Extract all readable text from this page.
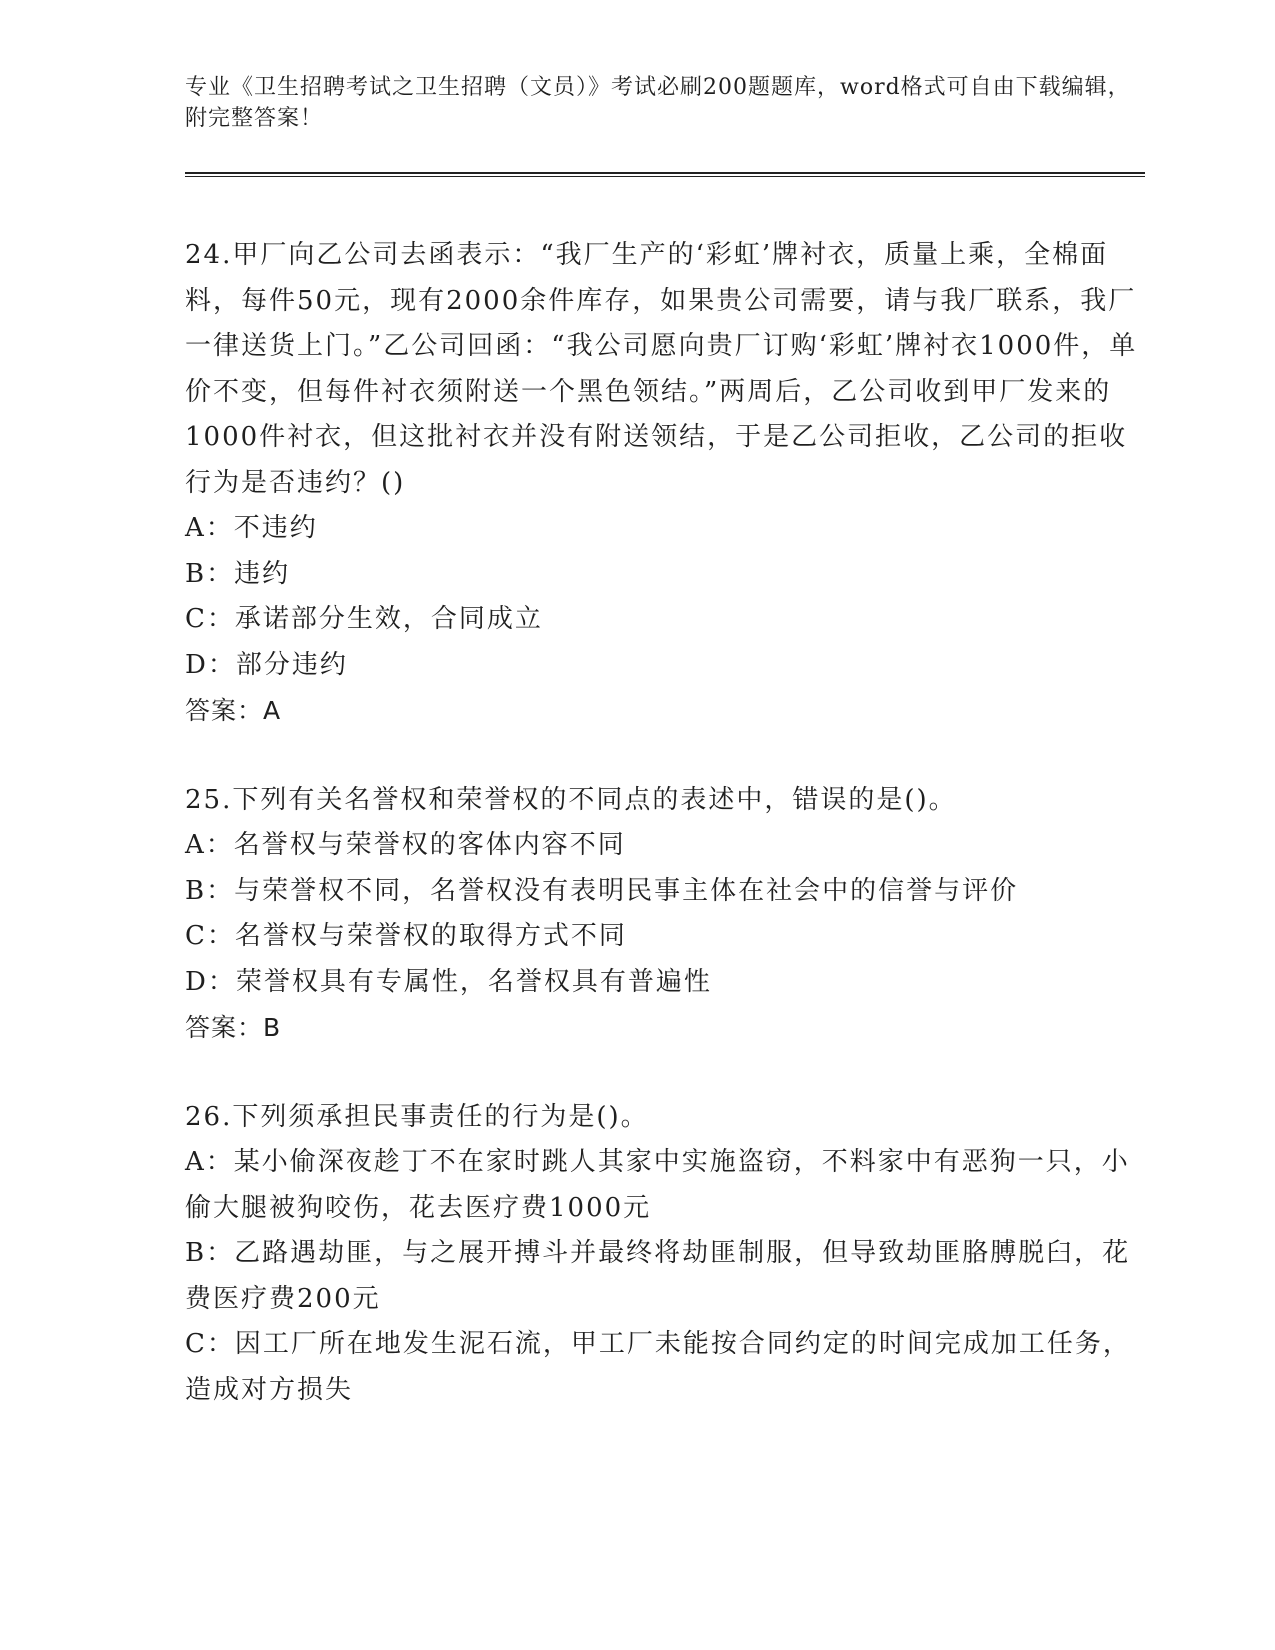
专业《卫生招聘考试之卫生招聘（文员）》考试必刷200题题库，word格式可自由下载编辑，附完整答案！

24.甲厂向乙公司去函表示：“我厂生产的‘彩虹’牌衬衣，质量上乘，全棉面料，每件50元，现有2000余件库存，如果贵公司需要，请与我厂联系，我厂一律送货上门。”乙公司回函：“我公司愿向贵厂订购‘彩虹’牌衬衣1000件，单价不变，但每件衬衣须附送一个黑色领结。”两周后，乙公司收到甲厂发来的1000件衬衣，但这批衬衣并没有附送领结，于是乙公司拒收，乙公司的拒收行为是否违约？()

A：不违约

B：违约

C：承诺部分生效，合同成立

D：部分违约

答案：A

25.下列有关名誉权和荣誉权的不同点的表述中，错误的是()。

A：名誉权与荣誉权的客体内容不同

B：与荣誉权不同，名誉权没有表明民事主体在社会中的信誉与评价

C：名誉权与荣誉权的取得方式不同

D：荣誉权具有专属性，名誉权具有普遍性

答案：B

26.下列须承担民事责任的行为是()。

A：某小偷深夜趁丁不在家时跳人其家中实施盗窃，不料家中有恶狗一只，小偷大腿被狗咬伤，花去医疗费1000元

B：乙路遇劫匪，与之展开搏斗并最终将劫匪制服，但导致劫匪胳膊脱臼，花费医疗费200元

C：因工厂所在地发生泥石流，甲工厂未能按合同约定的时间完成加工任务，造成对方损失
